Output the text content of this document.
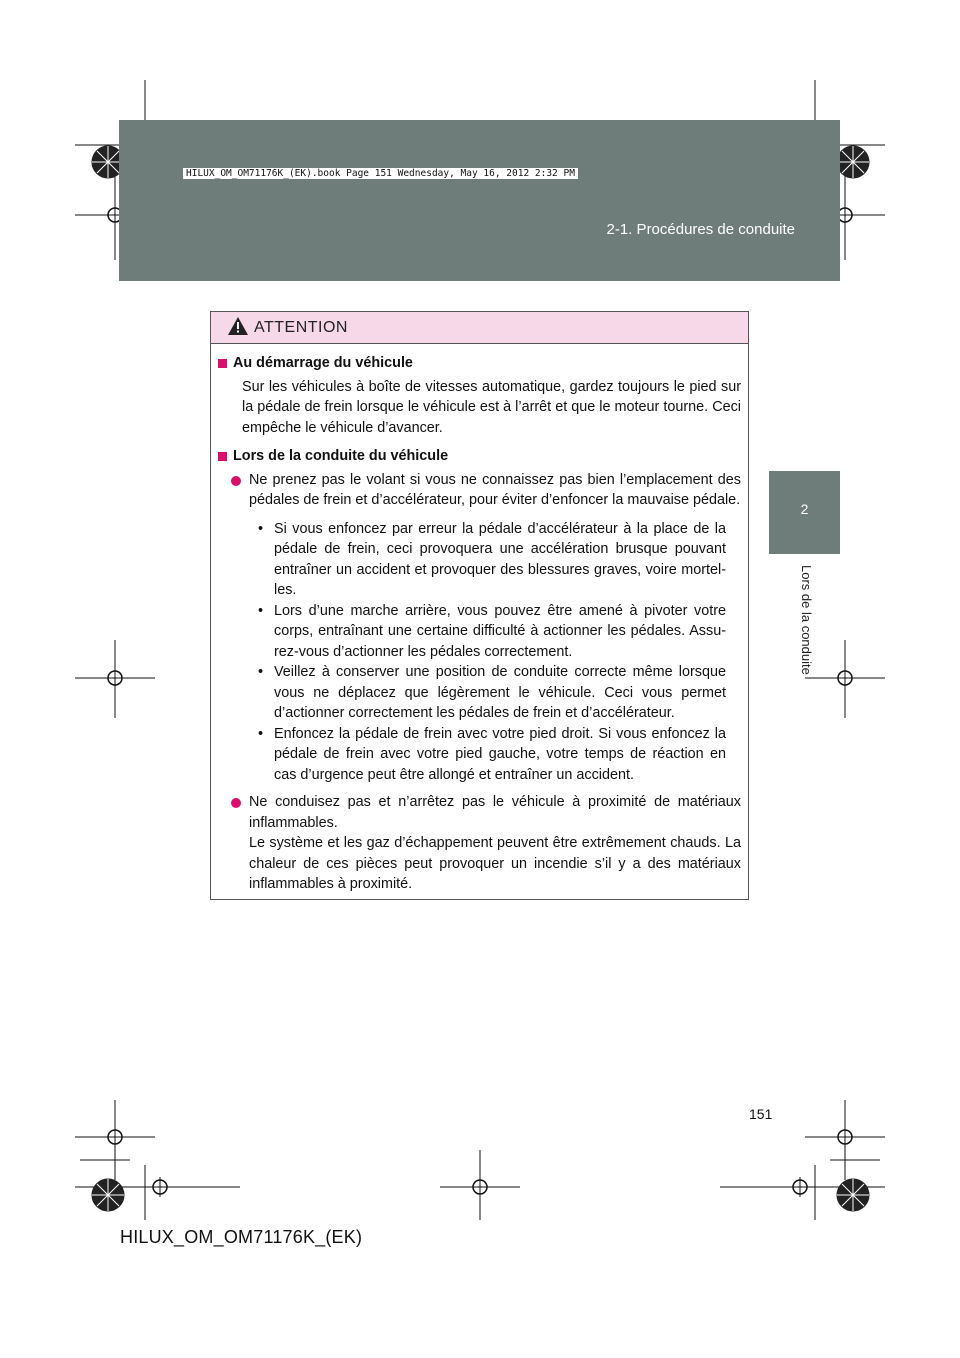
2-1. Procédures de conduite
HILUX_OM_OM71176K_(EK).book Page 151 Wednesday, May 16, 2012 2:32 PM
2
Lors de la conduite
ATTENTION
Au démarrage du véhicule
Sur les véhicules à boîte de vitesses automatique, gardez toujours le pied sur la pédale de frein lorsque le véhicule est à l’arrêt et que le moteur tourne. Ceci empêche le véhicule d’avancer.
Lors de la conduite du véhicule
Ne prenez pas le volant si vous ne connaissez pas bien l’emplacement des pédales de frein et d’accélérateur, pour éviter d’enfoncer la mauvaise pédale.
• Si vous enfoncez par erreur la pédale d’accélérateur à la place de la pédale de frein, ceci provoquera une accélération brusque pouvant entraîner un accident et provoquer des blessures graves, voire mortel-les.
• Lors d’une marche arrière, vous pouvez être amené à pivoter votre corps, entraînant une certaine difficulté à actionner les pédales. Assu-rez-vous d’actionner les pédales correctement.
• Veillez à conserver une position de conduite correcte même lorsque vous ne déplacez que légèrement le véhicule. Ceci vous permet d’actionner correctement les pédales de frein et d’accélérateur.
• Enfoncez la pédale de frein avec votre pied droit. Si vous enfoncez la pédale de frein avec votre pied gauche, votre temps de réaction en cas d’urgence peut être allongé et entraîner un accident.
Ne conduisez pas et n’arrêtez pas le véhicule à proximité de matériaux inflammables.
Le système et les gaz d’échappement peuvent être extrêmement chauds. La chaleur de ces pièces peut provoquer un incendie s’il y a des matériaux inflammables à proximité.
151
HILUX_OM_OM71176K_(EK)
